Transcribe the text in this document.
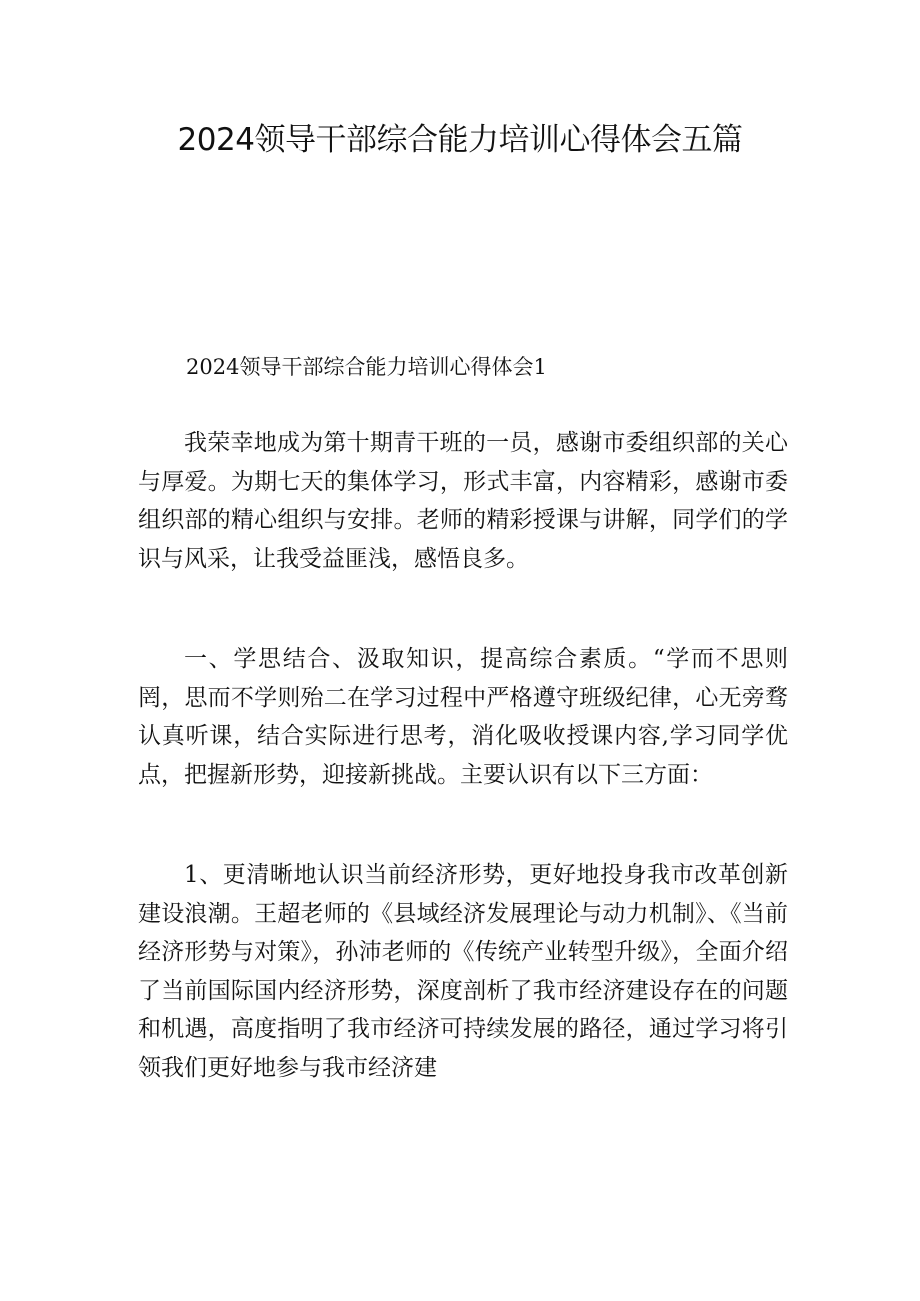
2024领导干部综合能力培训心得体会五篇
2024领导干部综合能力培训心得体会1

我荣幸地成为第十期青干班的一员，感谢市委组织部的关心与厚爱。为期七天的集体学习，形式丰富，内容精彩，感谢市委组织部的精心组织与安排。老师的精彩授课与讲解，同学们的学识与风采，让我受益匪浅，感悟良多。

一、学思结合、汲取知识，提高综合素质。“学而不思则罔，思而不学则殆二在学习过程中严格遵守班级纪律，心无旁骛认真听课，结合实际进行思考，消化吸收授课内容,学习同学优点，把握新形势，迎接新挑战。主要认识有以下三方面：

1、更清晰地认识当前经济形势，更好地投身我市改革创新建设浪潮。王超老师的《县域经济发展理论与动力机制》、《当前经济形势与对策》，孙沛老师的《传统产业转型升级》，全面介绍了当前国际国内经济形势，深度剖析了我市经济建设存在的问题和机遇，高度指明了我市经济可持续发展的路径，通过学习将引领我们更好地参与我市经济建
